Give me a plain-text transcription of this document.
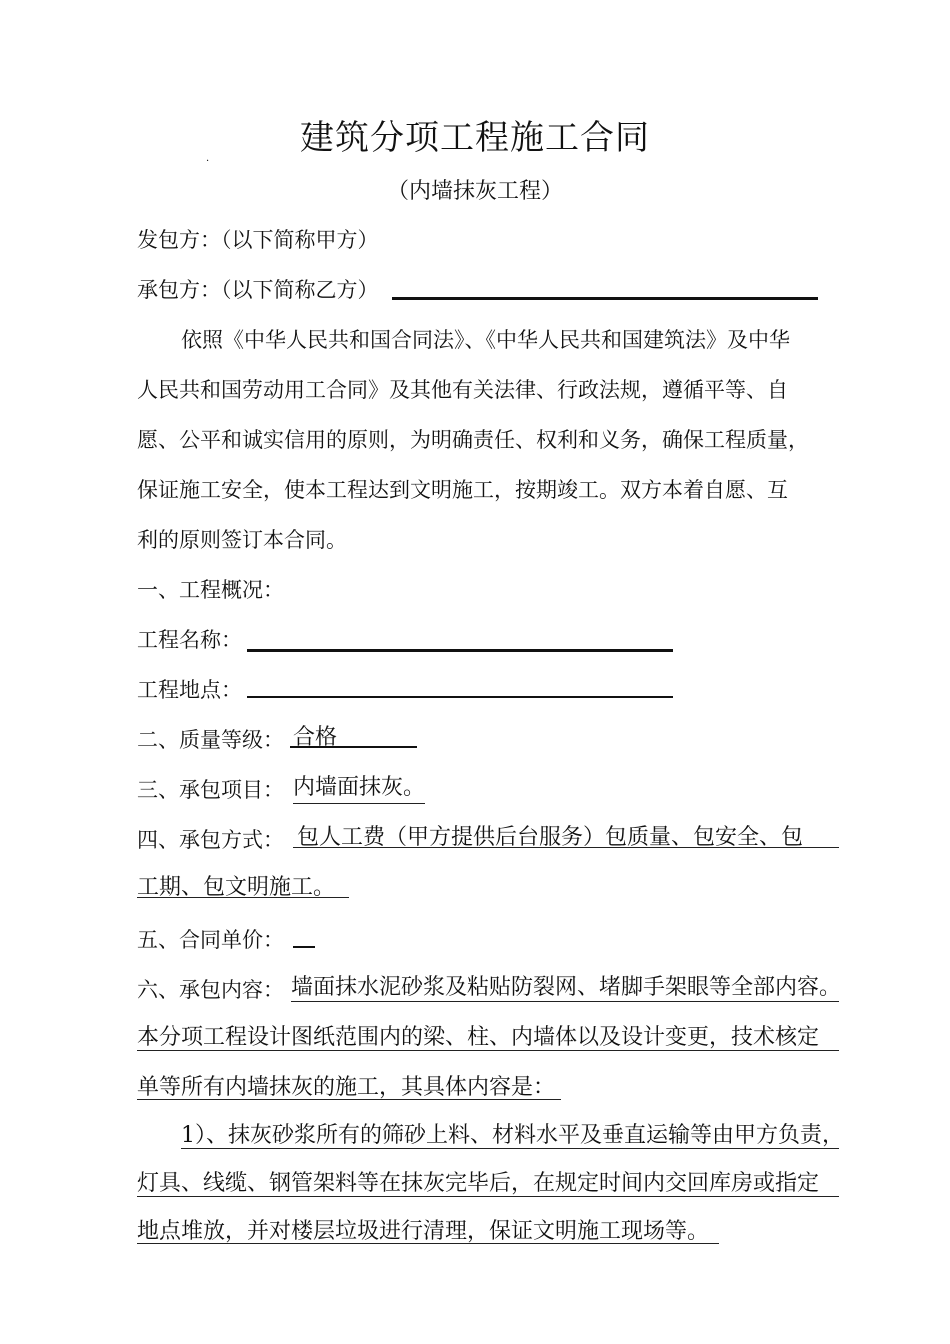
建筑分项工程施工合同
·
（内墙抹灰工程）
发包方：（以下简称甲方）
承包方：（以下简称乙方）
依照《中华人民共和国合同法》、《中华人民共和国建筑法》及中华
人民共和国劳动用工合同》及其他有关法律、行政法规，遵循平等、自
愿、公平和诚实信用的原则，为明确责任、权利和义务，确保工程质量，
保证施工安全，使本工程达到文明施工，按期竣工。双方本着自愿、互
利的原则签订本合同。
一、工程概况：
工程名称：
工程地点：
二、质量等级： 合格
三、承包项目： 内墙面抹灰。
四、承包方式： 包人工费（甲方提供后台服务）包质量、包安全、包
工期、包文明施工。
五、合同单价：
六、承包内容： 墙面抹水泥砂浆及粘贴防裂网、堵脚手架眼等全部内容。
本分项工程设计图纸范围内的梁、柱、内墙体以及设计变更，技术核定
单等所有内墙抹灰的施工，其具体内容是：
1）、抹灰砂浆所有的筛砂上料、材料水平及垂直运输等由甲方负责，
灯具、线缆、钢管架料等在抹灰完毕后，在规定时间内交回库房或指定
地点堆放，并对楼层垃圾进行清理，保证文明施工现场等。
